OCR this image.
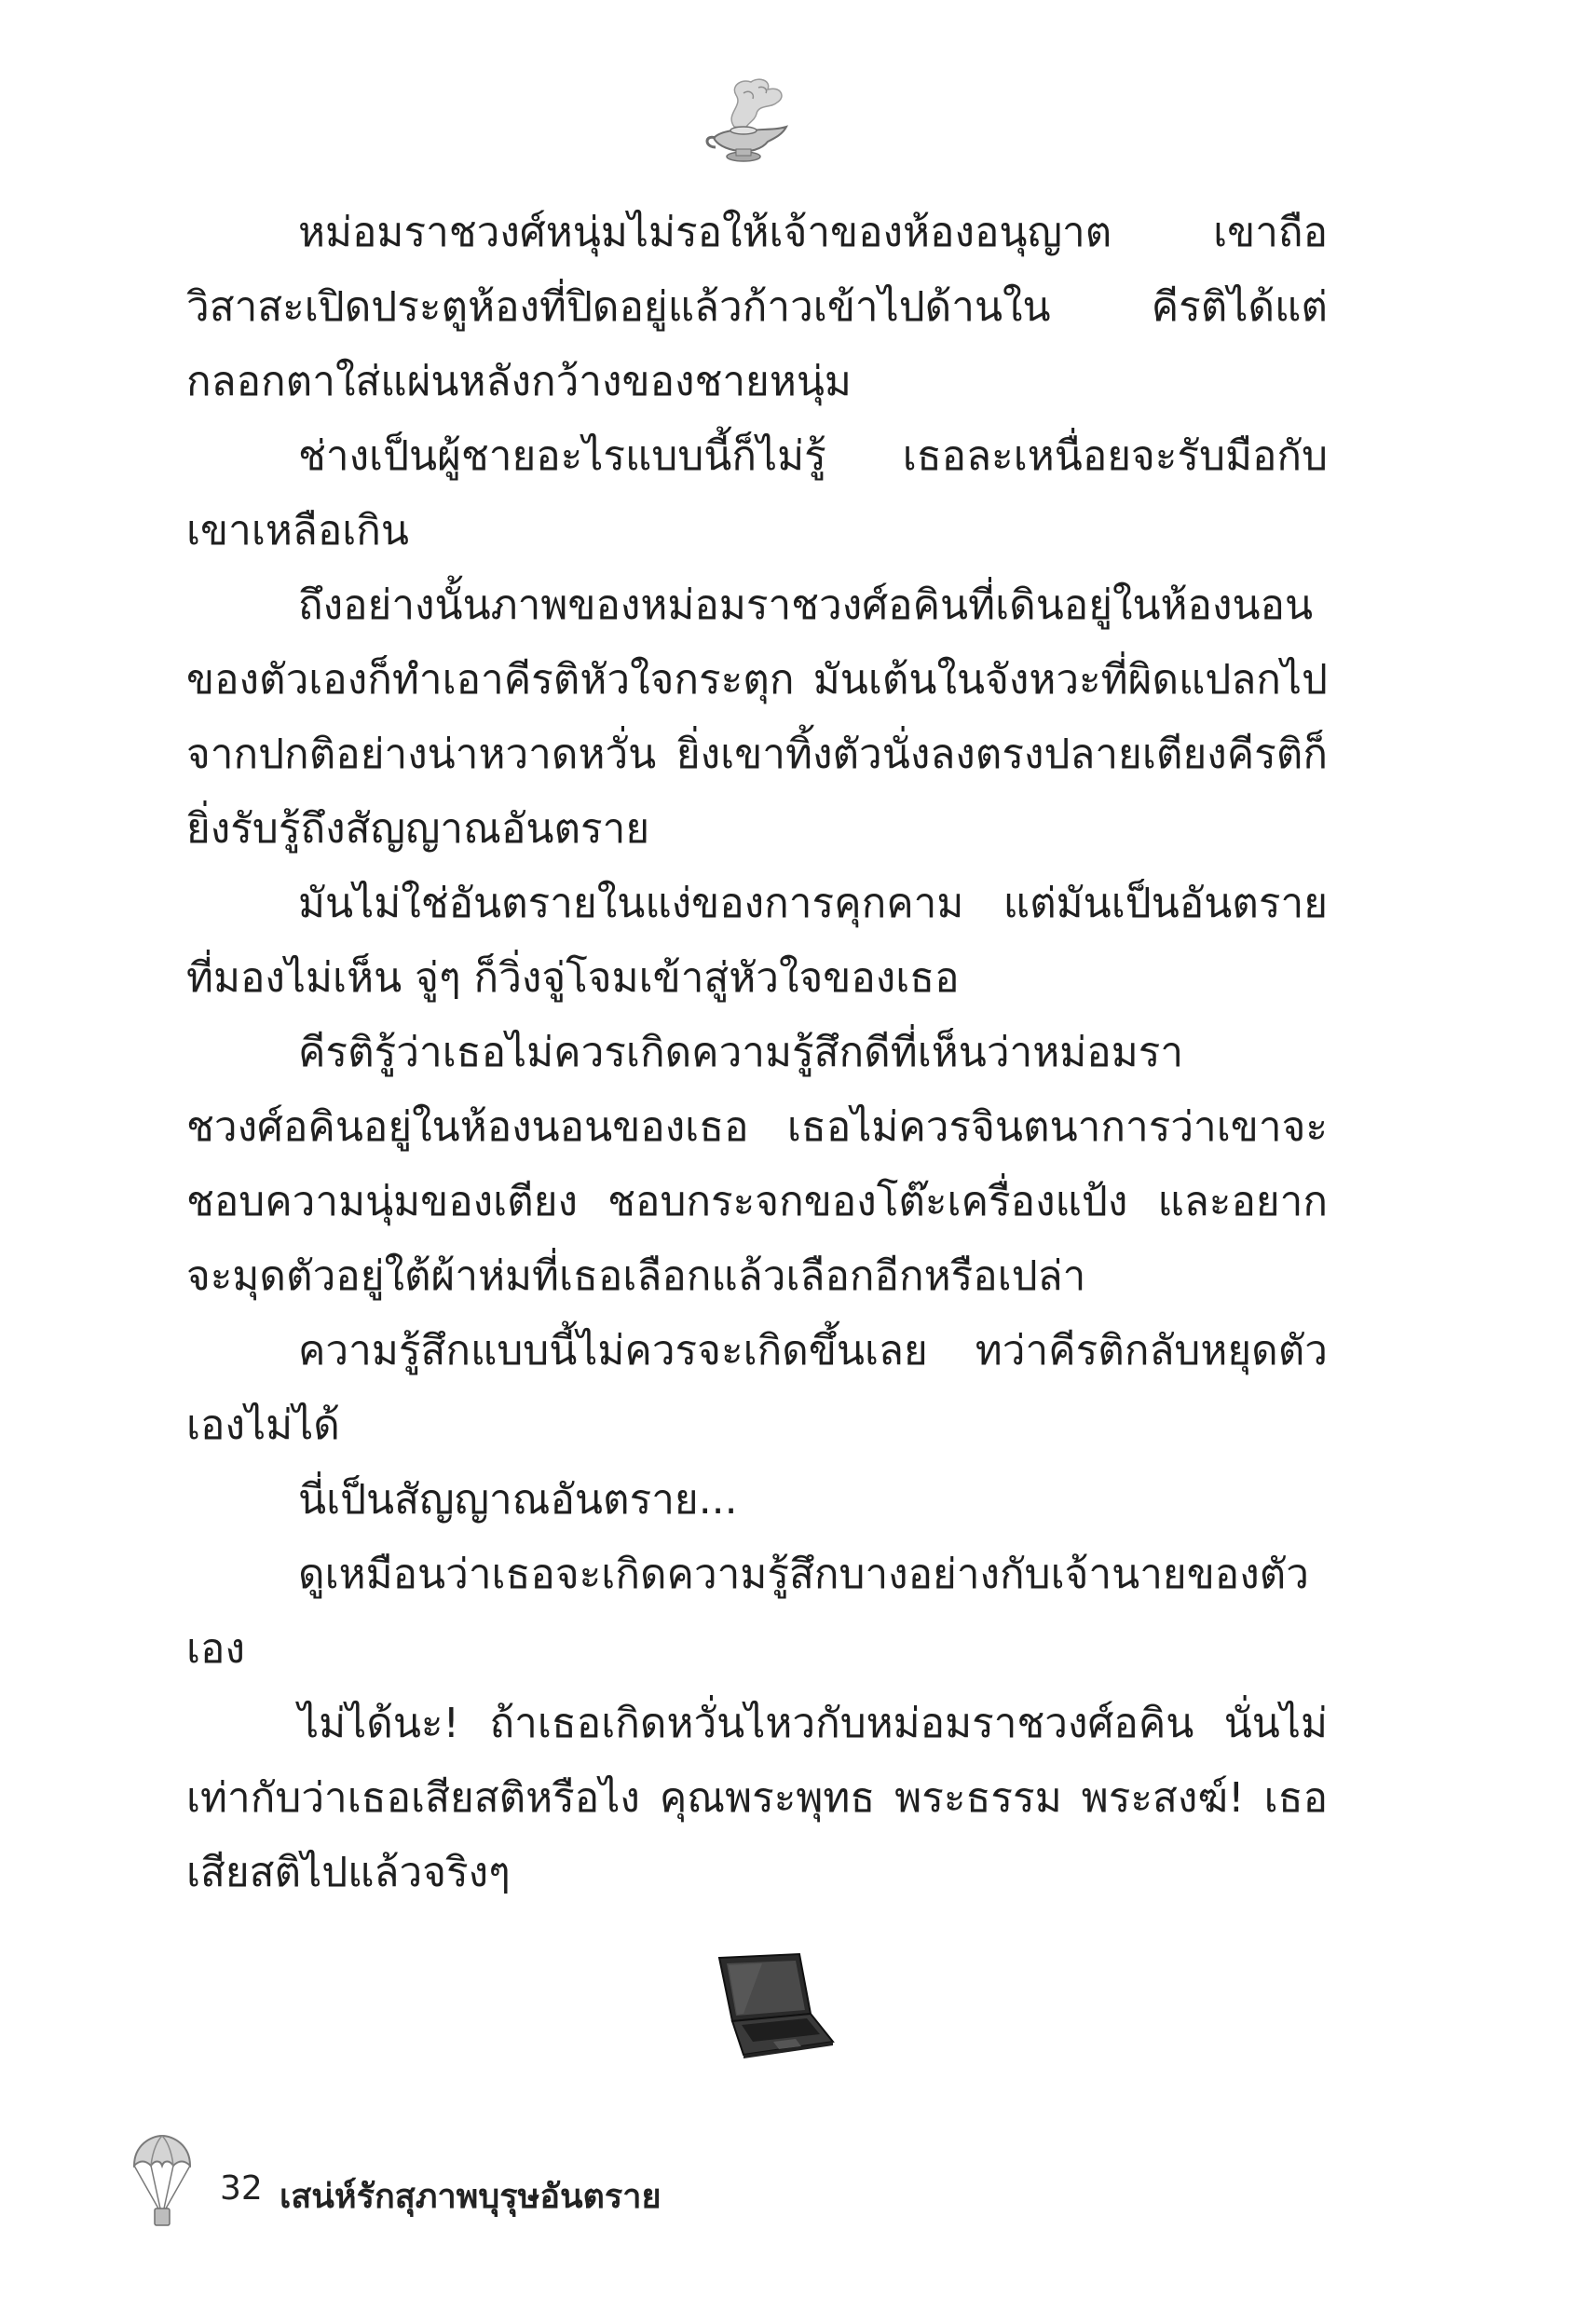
หม่อมราชวงศ์หนุ่มไม่รอให้เจ้าของห้องอนุญาต เขาถือวิสาสะเปิดประตูห้องที่ปิดอยู่แล้วก้าวเข้าไปด้านใน คีรติได้แต่กลอกตาใส่แผ่นหลังกว้างของชายหนุ่ม

ช่างเป็นผู้ชายอะไรแบบนี้ก็ไม่รู้ เธอละเหนื่อยจะรับมือกับเขาเหลือเกิน

ถึงอย่างนั้นภาพของหม่อมราชวงศ์อคินที่เดินอยู่ในห้องนอนของตัวเองก็ทำเอาคีรติหัวใจกระตุก มันเต้นในจังหวะที่ผิดแปลกไปจากปกติอย่างน่าหวาดหวั่น ยิ่งเขาทิ้งตัวนั่งลงตรงปลายเตียงคีรติก็ยิ่งรับรู้ถึงสัญญาณอันตราย

มันไม่ใช่อันตรายในแง่ของการคุกคาม แต่มันเป็นอันตรายที่มองไม่เห็น จู่ๆ ก็วิ่งจู่โจมเข้าสู่หัวใจของเธอ

คีรติรู้ว่าเธอไม่ควรเกิดความรู้สึกดีที่เห็นว่าหม่อมราชวงศ์อคินอยู่ในห้องนอนของเธอ เธอไม่ควรจินตนาการว่าเขาจะชอบความนุ่มของเตียง ชอบกระจกของโต๊ะเครื่องแป้ง และอยากจะมุดตัวอยู่ใต้ผ้าห่มที่เธอเลือกแล้วเลือกอีกหรือเปล่า

ความรู้สึกแบบนี้ไม่ควรจะเกิดขึ้นเลย ทว่าคีรติกลับหยุดตัวเองไม่ได้

นี่เป็นสัญญาณอันตราย...

ดูเหมือนว่าเธอจะเกิดความรู้สึกบางอย่างกับเจ้านายของตัวเอง

ไม่ได้นะ! ถ้าเธอเกิดหวั่นไหวกับหม่อมราชวงศ์อคิน นั่นไม่เท่ากับว่าเธอเสียสติหรือไง คุณพระพุทธ พระธรรม พระสงฆ์! เธอเสียสติไปแล้วจริงๆ

32 เสน่ห์รักสุภาพบุรุษอันตราย
